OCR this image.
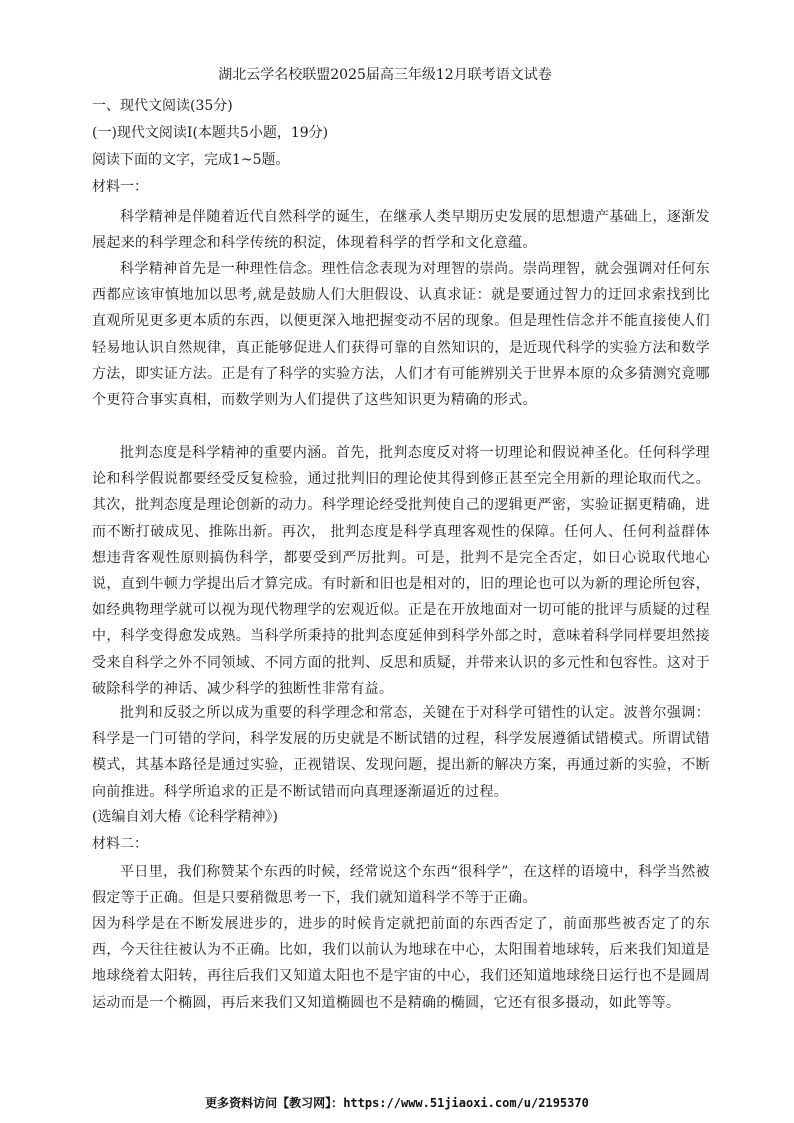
湖北云学名校联盟2025届高三年级12月联考语文试卷
一、现代文阅读(35分)
(一)现代文阅读Ⅰ(本题共5小题，19分)
阅读下面的文字，完成1~5题。
材料一：
科学精神是伴随着近代自然科学的诞生，在继承人类早期历史发展的思想遗产基础上，逐渐发展起来的科学理念和科学传统的积淀，体现着科学的哲学和文化意蕴。
科学精神首先是一种理性信念。理性信念表现为对理智的崇尚。崇尚理智，就会强调对任何东西都应该审慎地加以思考,就是鼓励人们大胆假设、认真求证：就是要通过智力的迂回求索找到比直观所见更多更本质的东西，以便更深入地把握变动不居的现象。但是理性信念并不能直接使人们轻易地认识自然规律，真正能够促进人们获得可靠的自然知识的，是近现代科学的实验方法和数学方法，即实证方法。正是有了科学的实验方法，人们才有可能辨别关于世界本原的众多猜测究竟哪个更符合事实真相，而数学则为人们提供了这些知识更为精确的形式。
批判态度是科学精神的重要内涵。首先，批判态度反对将一切理论和假说神圣化。任何科学理论和科学假说都要经受反复检验，通过批判旧的理论使其得到修正甚至完全用新的理论取而代之。其次，批判态度是理论创新的动力。科学理论经受批判使自己的逻辑更严密，实验证据更精确，进而不断打破成见、推陈出新。再次， 批判态度是科学真理客观性的保障。任何人、任何利益群体想违背客观性原则搞伪科学，都要受到严厉批判。可是，批判不是完全否定，如日心说取代地心说，直到牛顿力学提出后才算完成。有时新和旧也是相对的，旧的理论也可以为新的理论所包容，如经典物理学就可以视为现代物理学的宏观近似。正是在开放地面对一切可能的批评与质疑的过程中，科学变得愈发成熟。当科学所秉持的批判态度延伸到科学外部之时，意味着科学同样要坦然接受来自科学之外不同领域、不同方面的批判、反思和质疑，并带来认识的多元性和包容性。这对于破除科学的神话、减少科学的独断性非常有益。
批判和反驳之所以成为重要的科学理念和常态，关键在于对科学可错性的认定。波普尔强调：科学是一门可错的学问，科学发展的历史就是不断试错的过程，科学发展遵循试错模式。所谓试错模式，其基本路径是通过实验，正视错误、发现问题，提出新的解决方案，再通过新的实验，不断向前推进。科学所追求的正是不断试错而向真理逐渐逼近的过程。
(选编自刘大椿《论科学精神》)
材料二：
平日里，我们称赞某个东西的时候，经常说这个东西“很科学”，在这样的语境中，科学当然被假定等于正确。但是只要稍微思考一下，我们就知道科学不等于正确。
因为科学是在不断发展进步的，进步的时候肯定就把前面的东西否定了，前面那些被否定了的东西，今天往往被认为不正确。比如，我们以前认为地球在中心，太阳围着地球转，后来我们知道是地球绕着太阳转，再往后我们又知道太阳也不是宇宙的中心，我们还知道地球绕日运行也不是圆周运动而是一个椭圆，再后来我们又知道椭圆也不是精确的椭圆，它还有很多摄动，如此等等。
更多资料访问【教习网】：https://www.51jiaoxi.com/u/2195370
